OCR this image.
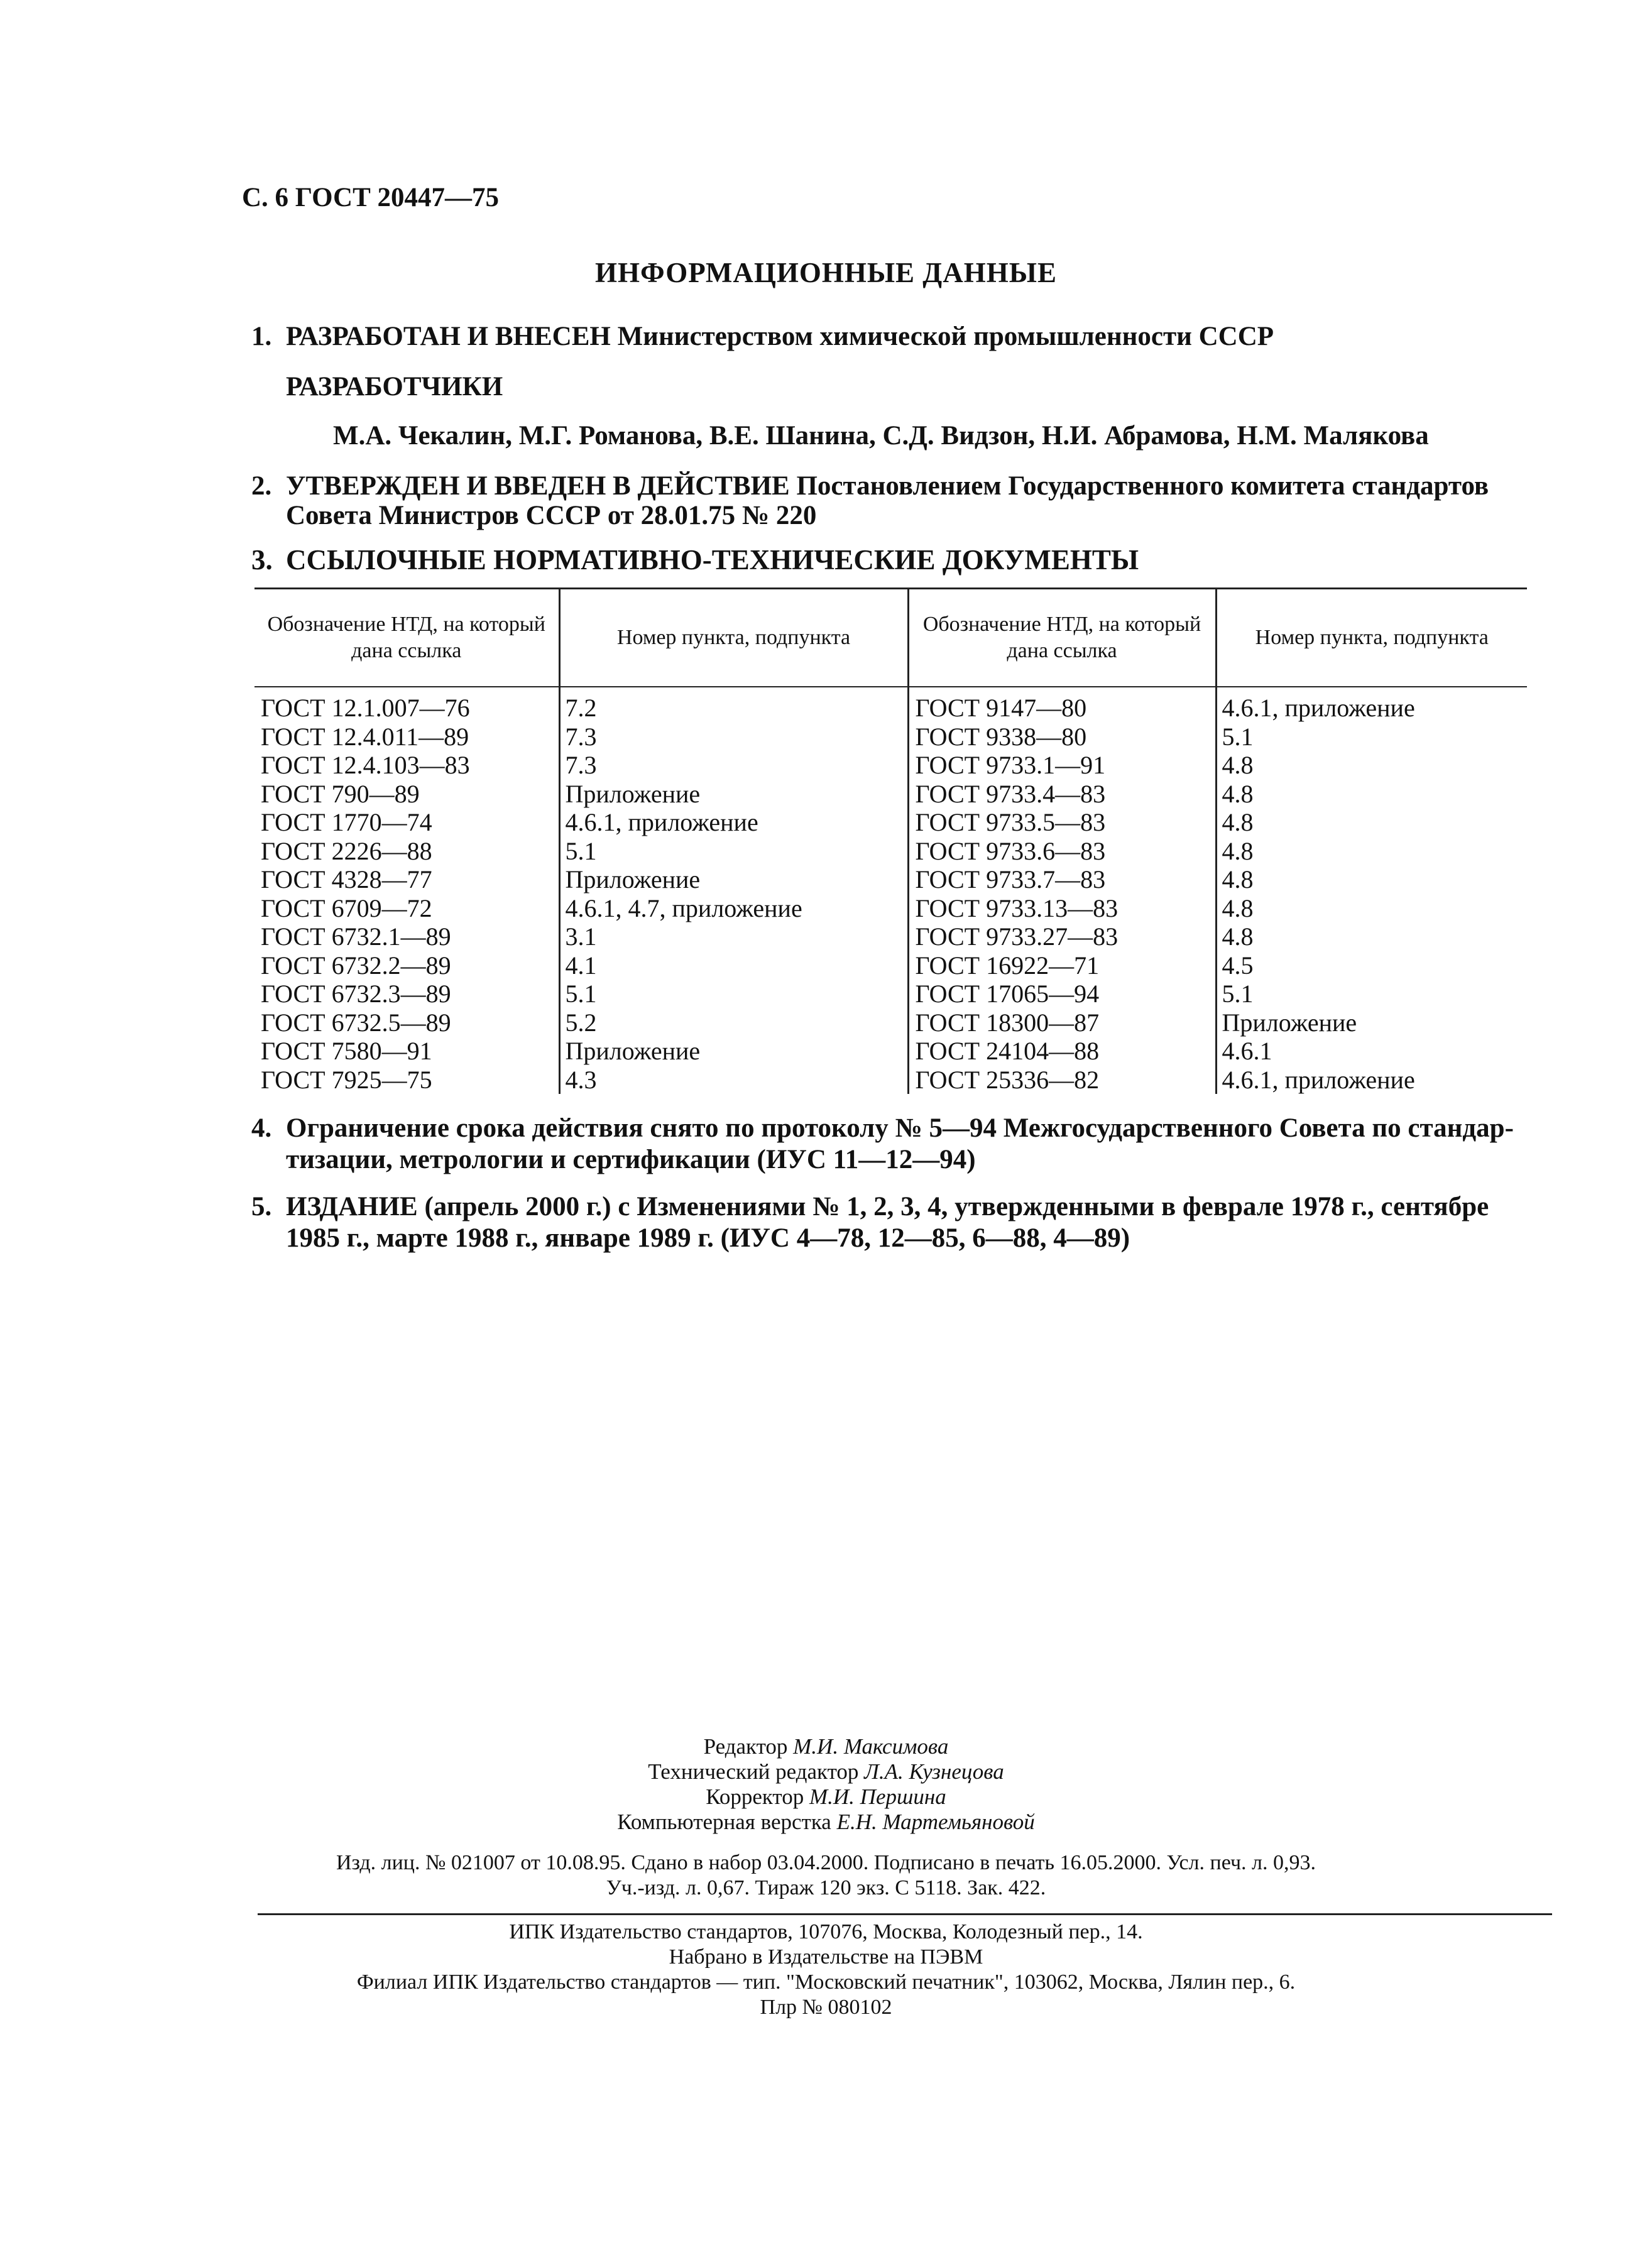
С. 6 ГОСТ 20447—75
ИНФОРМАЦИОННЫЕ ДАННЫЕ
1. РАЗРАБОТАН И ВНЕСЕН Министерством химической промышленности СССР
РАЗРАБОТЧИКИ
М.А. Чекалин, М.Г. Романова, В.Е. Шанина, С.Д. Видзон, Н.И. Абрамова, Н.М. Малякова
2. УТВЕРЖДЕН И ВВЕДЕН В ДЕЙСТВИЕ Постановлением Государственного комитета стандартов
Совета Министров СССР от 28.01.75 № 220
3. ССЫЛОЧНЫЕ НОРМАТИВНО-ТЕХНИЧЕСКИЕ ДОКУМЕНТЫ
Обозначение НТД, на который дана ссылка	Номер пункта, подпункта	Обозначение НТД, на который дана ссылка	Номер пункта, подпункта
ГОСТ 12.1.007—76	7.2	ГОСТ 9147—80	4.6.1, приложение
ГОСТ 12.4.011—89	7.3	ГОСТ 9338—80	5.1
ГОСТ 12.4.103—83	7.3	ГОСТ 9733.1—91	4.8
ГОСТ 790—89	Приложение	ГОСТ 9733.4—83	4.8
ГОСТ 1770—74	4.6.1, приложение	ГОСТ 9733.5—83	4.8
ГОСТ 2226—88	5.1	ГОСТ 9733.6—83	4.8
ГОСТ 4328—77	Приложение	ГОСТ 9733.7—83	4.8
ГОСТ 6709—72	4.6.1, 4.7, приложение	ГОСТ 9733.13—83	4.8
ГОСТ 6732.1—89	3.1	ГОСТ 9733.27—83	4.8
ГОСТ 6732.2—89	4.1	ГОСТ 16922—71	4.5
ГОСТ 6732.3—89	5.1	ГОСТ 17065—94	5.1
ГОСТ 6732.5—89	5.2	ГОСТ 18300—87	Приложение
ГОСТ 7580—91	Приложение	ГОСТ 24104—88	4.6.1
ГОСТ 7925—75	4.3	ГОСТ 25336—82	4.6.1, приложение
4. Ограничение срока действия снято по протоколу № 5—94 Межгосударственного Совета по стандар-
тизации, метрологии и сертификации (ИУС 11—12—94)
5. ИЗДАНИЕ (апрель 2000 г.) с Изменениями № 1, 2, 3, 4, утвержденными в феврале 1978 г., сентябре
1985 г., марте 1988 г., январе 1989 г. (ИУС 4—78, 12—85, 6—88, 4—89)
Редактор М.И. Максимова
Технический редактор Л.А. Кузнецова
Корректор М.И. Першина
Компьютерная верстка Е.Н. Мартемьяновой
Изд. лиц. № 021007 от 10.08.95. Сдано в набор 03.04.2000. Подписано в печать 16.05.2000. Усл. печ. л. 0,93.
Уч.-изд. л. 0,67. Тираж 120 экз. С 5118. Зак. 422.
ИПК Издательство стандартов, 107076, Москва, Колодезный пер., 14.
Набрано в Издательстве на ПЭВМ
Филиал ИПК Издательство стандартов — тип. "Московский печатник", 103062, Москва, Лялин пер., 6.
Плр № 080102
